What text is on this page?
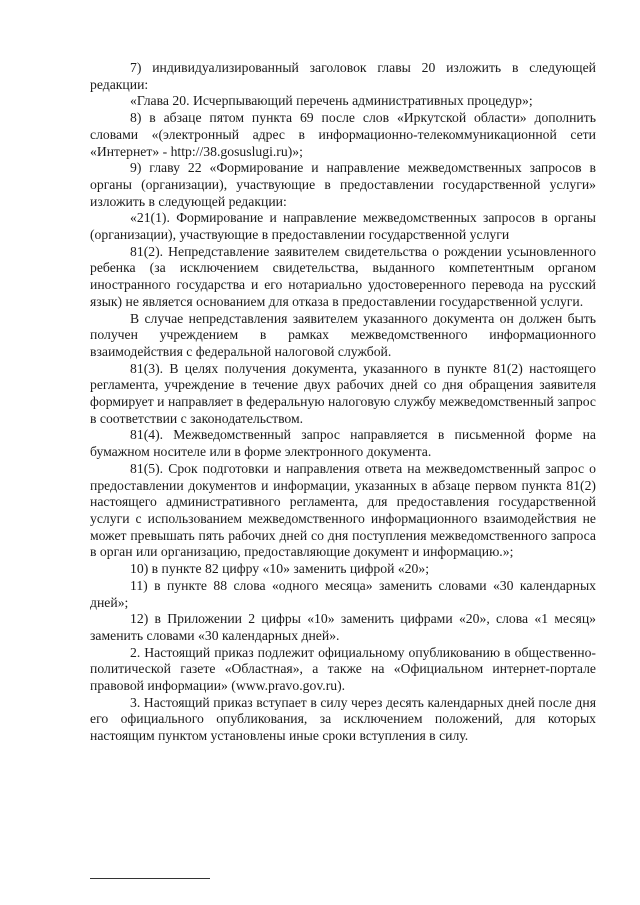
7) индивидуализированный заголовок главы 20 изложить в следующей редакции:

«Глава 20. Исчерпывающий перечень административных процедур»;

8) в абзаце пятом пункта 69 после слов «Иркутской области» дополнить словами «(электронный адрес в информационно-телекоммуникационной сети «Интернет» - http://38.gosuslugi.ru)»;

9) главу 22 «Формирование и направление межведомственных запросов в органы (организации), участвующие в предоставлении государственной услуги» изложить в следующей редакции:

«21(1). Формирование и направление межведомственных запросов в органы (организации), участвующие в предоставлении государственной услуги

81(2). Непредставление заявителем свидетельства о рождении усыновленного ребенка (за исключением свидетельства, выданного компетентным органом иностранного государства и его нотариально удостоверенного перевода на русский язык) не является основанием для отказа в предоставлении государственной услуги.

В случае непредставления заявителем указанного документа он должен быть получен учреждением в рамках межведомственного информационного взаимодействия с федеральной налоговой службой.

81(3). В целях получения документа, указанного в пункте 81(2) настоящего регламента, учреждение в течение двух рабочих дней со дня обращения заявителя формирует и направляет в федеральную налоговую службу межведомственный запрос в соответствии с законодательством.

81(4). Межведомственный запрос направляется в письменной форме на бумажном носителе или в форме электронного документа.

81(5). Срок подготовки и направления ответа на межведомственный запрос о предоставлении документов и информации, указанных в абзаце первом пункта 81(2) настоящего административного регламента, для предоставления государственной услуги с использованием межведомственного информационного взаимодействия не может превышать пять рабочих дней со дня поступления межведомственного запроса в орган или организацию, предоставляющие документ и информацию.»;

10) в пункте 82 цифру «10» заменить цифрой «20»;

11) в пункте 88 слова «одного месяца» заменить словами «30 календарных дней»;

12) в Приложении 2 цифры «10» заменить цифрами «20», слова «1 месяц» заменить словами «30 календарных дней».

2. Настоящий приказ подлежит официальному опубликованию в общественно-политической газете «Областная», а также на «Официальном интернет-портале правовой информации» (www.pravo.gov.ru).

3. Настоящий приказ вступает в силу через десять календарных дней после дня его официального опубликования, за исключением положений, для которых настоящим пунктом установлены иные сроки вступления в силу.
